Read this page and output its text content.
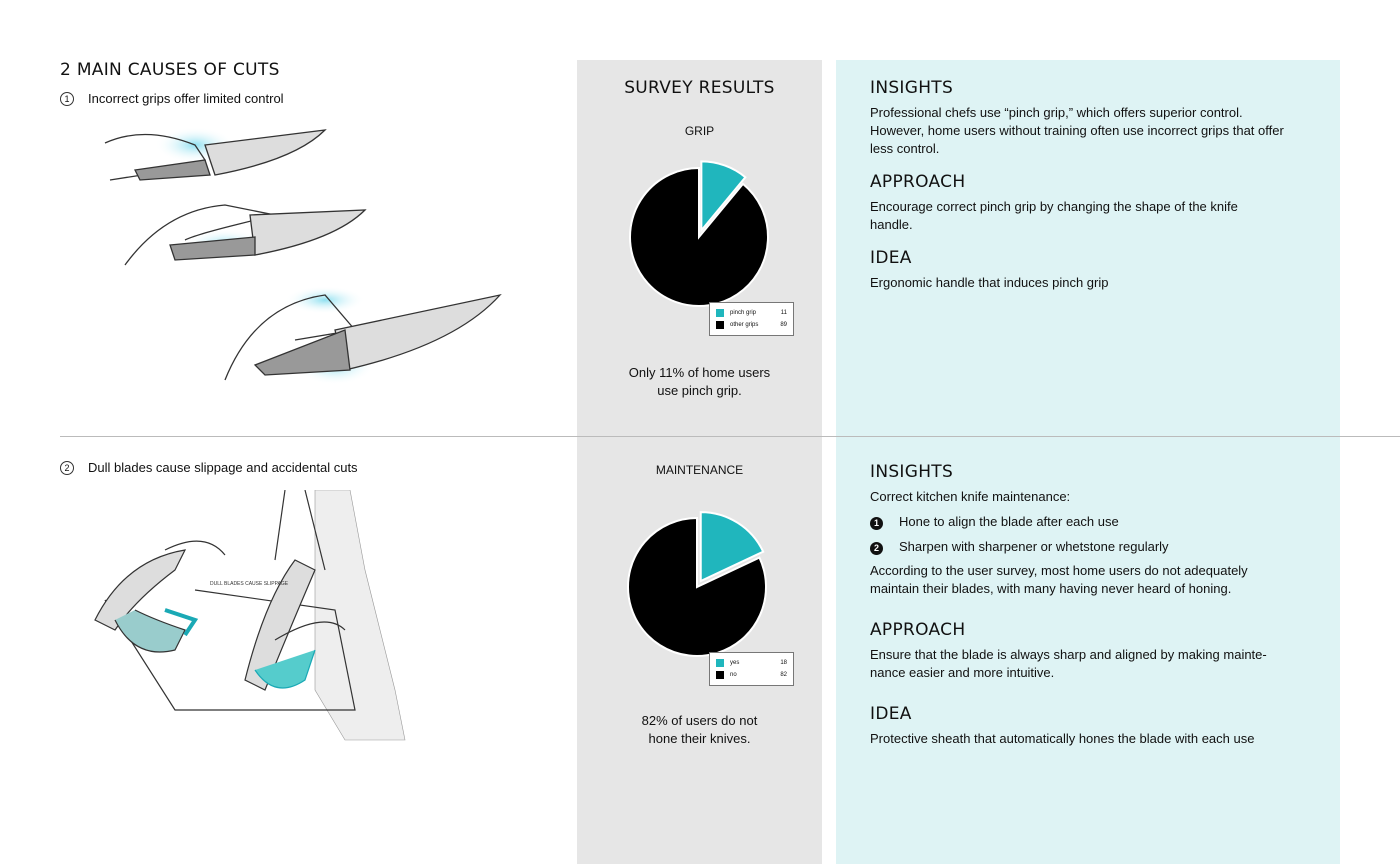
2 MAIN CAUSES OF CUTS
1 Incorrect grips offer limited control
2 Dull blades cause slippage and accidental cuts
DULL BLADES CAUSE SLIPPAGE
SURVEY RESULTS
GRIP
pinch grip	11
other grips	89
Only 11% of home users
use pinch grip.
MAINTENANCE
yes	18
no	82
82% of users do not
hone their knives.
INSIGHTS
Professional chefs use “pinch grip,” which offers superior control. However, home users without training often use incorrect grips that offer less control.
APPROACH
Encourage correct pinch grip by changing the shape of the knife handle.
IDEA
Ergonomic handle that induces pinch grip
INSIGHTS
Correct kitchen knife maintenance:
1 Hone to align the blade after each use
2 Sharpen with sharpener or whetstone regularly
According to the user survey, most home users do not adequately maintain their blades, with many having never heard of honing.
APPROACH
Ensure that the blade is always sharp and aligned by making mainte-nance easier and more intuitive.
IDEA
Protective sheath that automatically hones the blade with each use
